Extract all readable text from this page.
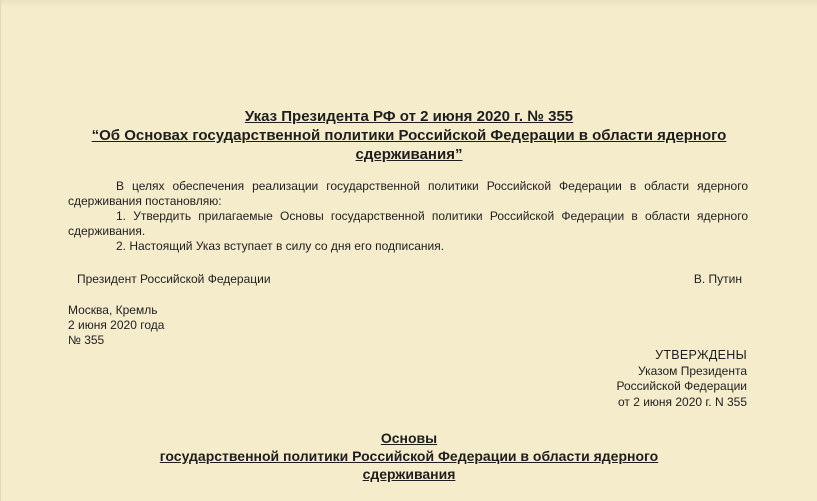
Указ Президента РФ от 2 июня 2020 г. № 355

“Об Основах государственной политики Российской Федерации в области ядерного

сдерживания”

В целях обеспечения реализации государственной политики Российской Федерации в области ядерного сдерживания постановляю:

1. Утвердить прилагаемые Основы государственной политики Российской Федерации в области ядерного сдерживания.

2. Настоящий Указ вступает в силу со дня его подписания.

Президент Российской Федерации	В. Путин
Москва, Кремль
2 июня 2020 года
№ 355
УТВЕРЖДЕНЫ
Указом Президента
Российской Федерации
от 2 июня 2020 г. N 355

Основы

государственной политики Российской Федерации в области ядерного

сдерживания
